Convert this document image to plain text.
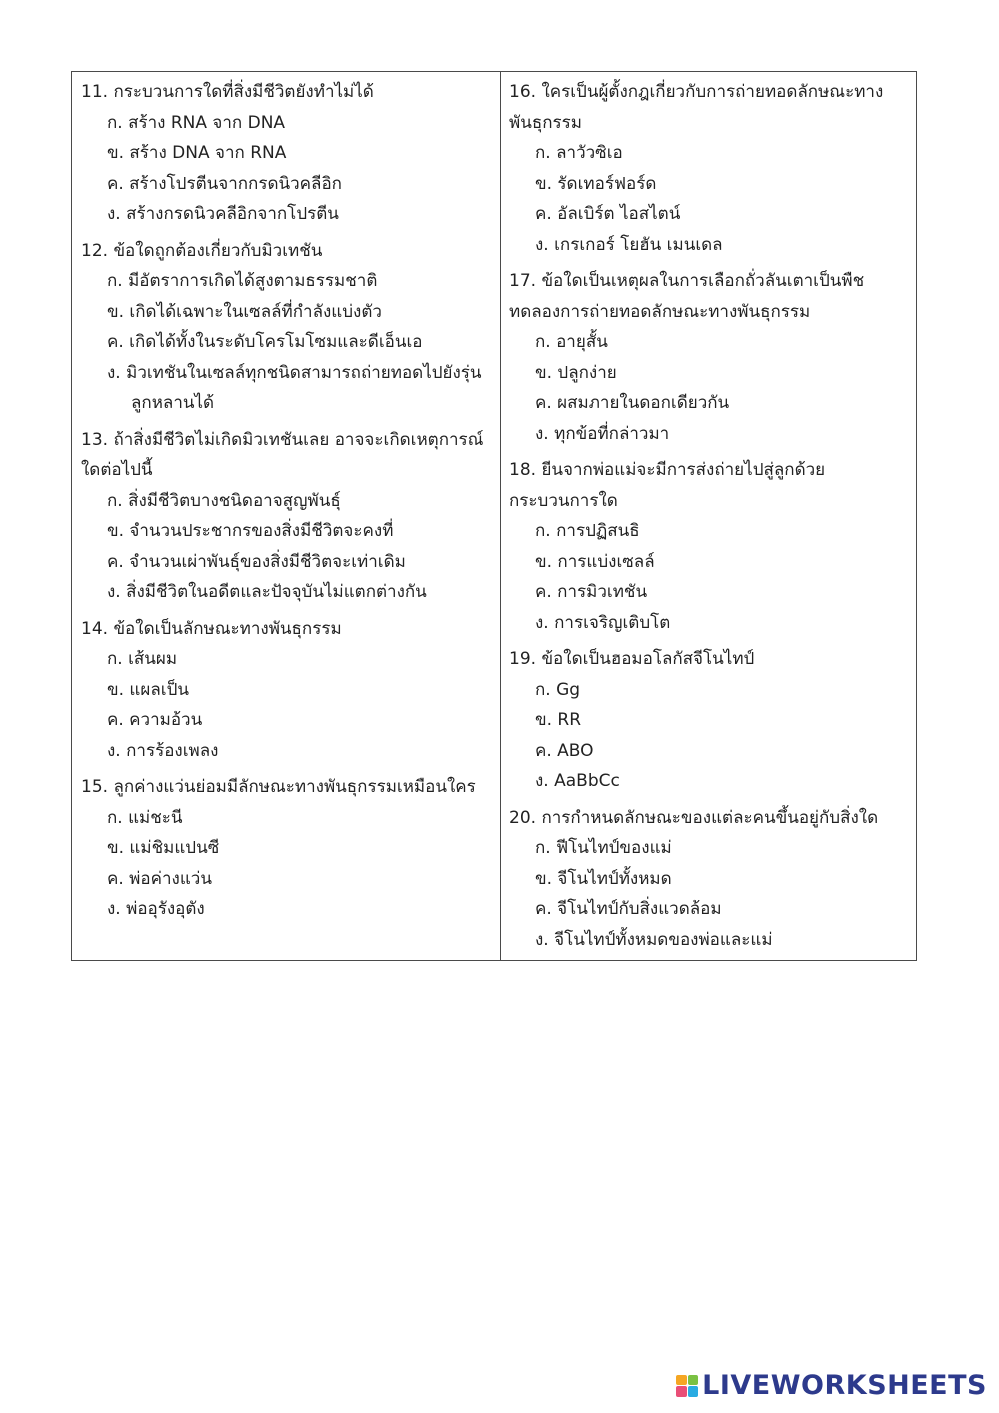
11. กระบวนการใดที่สิ่งมีชีวิตยังทำไม่ได้
ก. สร้าง RNA จาก DNA
ข. สร้าง DNA จาก RNA
ค. สร้างโปรตีนจากกรดนิวคลีอิก
ง. สร้างกรดนิวคลีอิกจากโปรตีน
12. ข้อใดถูกต้องเกี่ยวกับมิวเทชัน
ก. มีอัตราการเกิดได้สูงตามธรรมชาติ
ข. เกิดได้เฉพาะในเซลล์ที่กำลังแบ่งตัว
ค. เกิดได้ทั้งในระดับโครโมโซมและดีเอ็นเอ
ง. มิวเทชันในเซลล์ทุกชนิดสามารถถ่ายทอดไปยังรุ่นลูกหลานได้
13. ถ้าสิ่งมีชีวิตไม่เกิดมิวเทชันเลย อาจจะเกิดเหตุการณ์ใดต่อไปนี้
ก. สิ่งมีชีวิตบางชนิดอาจสูญพันธุ์
ข. จำนวนประชากรของสิ่งมีชีวิตจะคงที่
ค. จำนวนเผ่าพันธุ์ของสิ่งมีชีวิตจะเท่าเดิม
ง. สิ่งมีชีวิตในอดีตและปัจจุบันไม่แตกต่างกัน
14. ข้อใดเป็นลักษณะทางพันธุกรรม
ก. เส้นผม
ข. แผลเป็น
ค. ความอ้วน
ง. การร้องเพลง
15. ลูกค่างแว่นย่อมมีลักษณะทางพันธุกรรมเหมือนใคร
ก. แม่ชะนี
ข. แม่ชิมแปนซี
ค. พ่อค่างแว่น
ง. พ่ออุรังอุตัง
16. ใครเป็นผู้ตั้งกฎเกี่ยวกับการถ่ายทอดลักษณะทางพันธุกรรม
ก. ลาวัวซิเอ
ข. รัดเทอร์ฟอร์ด
ค. อัลเบิร์ต ไอสไตน์
ง. เกรเกอร์ โยฮัน เมนเดล
17. ข้อใดเป็นเหตุผลในการเลือกถั่วลันเตาเป็นพืชทดลองการถ่ายทอดลักษณะทางพันธุกรรม
ก. อายุสั้น
ข. ปลูกง่าย
ค. ผสมภายในดอกเดียวกัน
ง. ทุกข้อที่กล่าวมา
18. ยีนจากพ่อแม่จะมีการส่งถ่ายไปสู่ลูกด้วยกระบวนการใด
ก. การปฏิสนธิ
ข. การแบ่งเซลล์
ค. การมิวเทชัน
ง. การเจริญเติบโต
19. ข้อใดเป็นฮอมอโลกัสจีโนไทป์
ก. Gg
ข. RR
ค. ABO
ง. AaBbCc
20. การกำหนดลักษณะของแต่ละคนขึ้นอยู่กับสิ่งใด
ก. ฟีโนไทป์ของแม่
ข. จีโนไทป์ทั้งหมด
ค. จีโนไทป์กับสิ่งแวดล้อม
ง. จีโนไทป์ทั้งหมดของพ่อและแม่
LIVEWORKSHEETS
